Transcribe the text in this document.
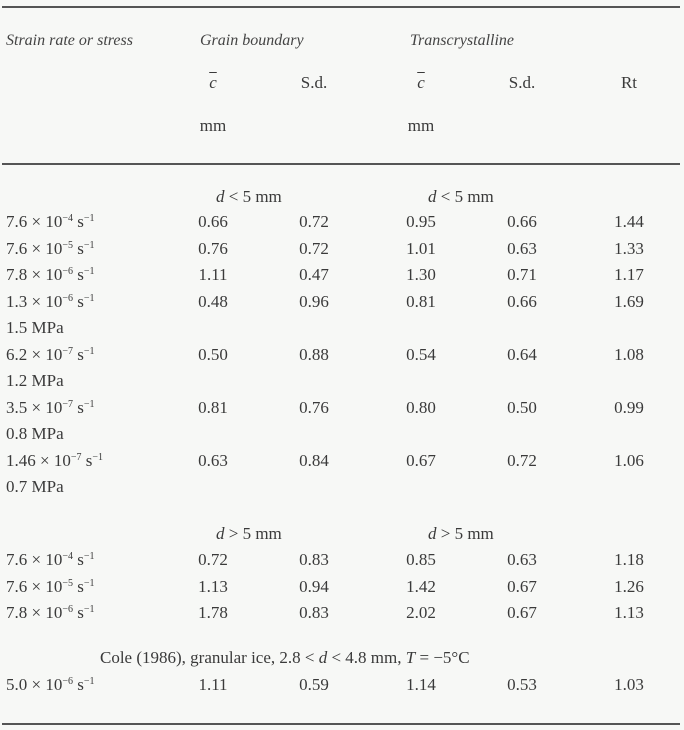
Strain rate or stress	Grain boundary	Transcrystalline
$\overline{c}$	S.d.	$\overline{c}$	S.d.	Rt
mm	mm
d < 5 mm	d < 5 mm
$7.6 \times 10^{-4}$ $s^{-1}$	0.66	0.72	0.95	0.66	1.44
$7.6 \times 10^{-5}$ $s^{-1}$	0.76	0.72	1.01	0.63	1.33
$7.8 \times 10^{-6}$ $s^{-1}$	1.11	0.47	1.30	0.71	1.17
$1.3 \times 10^{-6}$ $s^{-1}$	0.48	0.96	0.81	0.66	1.69
1.5 MPa
$6.2 \times 10^{-7}$ $s^{-1}$	0.50	0.88	0.54	0.64	1.08
1.2 MPa
$3.5 \times 10^{-7}$ $s^{-1}$	0.81	0.76	0.80	0.50	0.99
0.8 MPa
$1.46 \times 10^{-7}$ $s^{-1}$	0.63	0.84	0.67	0.72	1.06
0.7 MPa
d > 5 mm	d > 5 mm
$7.6 \times 10^{-4}$ $s^{-1}$	0.72	0.83	0.85	0.63	1.18
$7.6 \times 10^{-5}$ $s^{-1}$	1.13	0.94	1.42	0.67	1.26
$7.8 \times 10^{-6}$ $s^{-1}$	1.78	0.83	2.02	0.67	1.13
Cole (1986), granular ice, 2.8 < d < 4.8 mm, T = −5°C
$5.0 \times 10^{-6}$ $s^{-1}$	1.11	0.59	1.14	0.53	1.03
